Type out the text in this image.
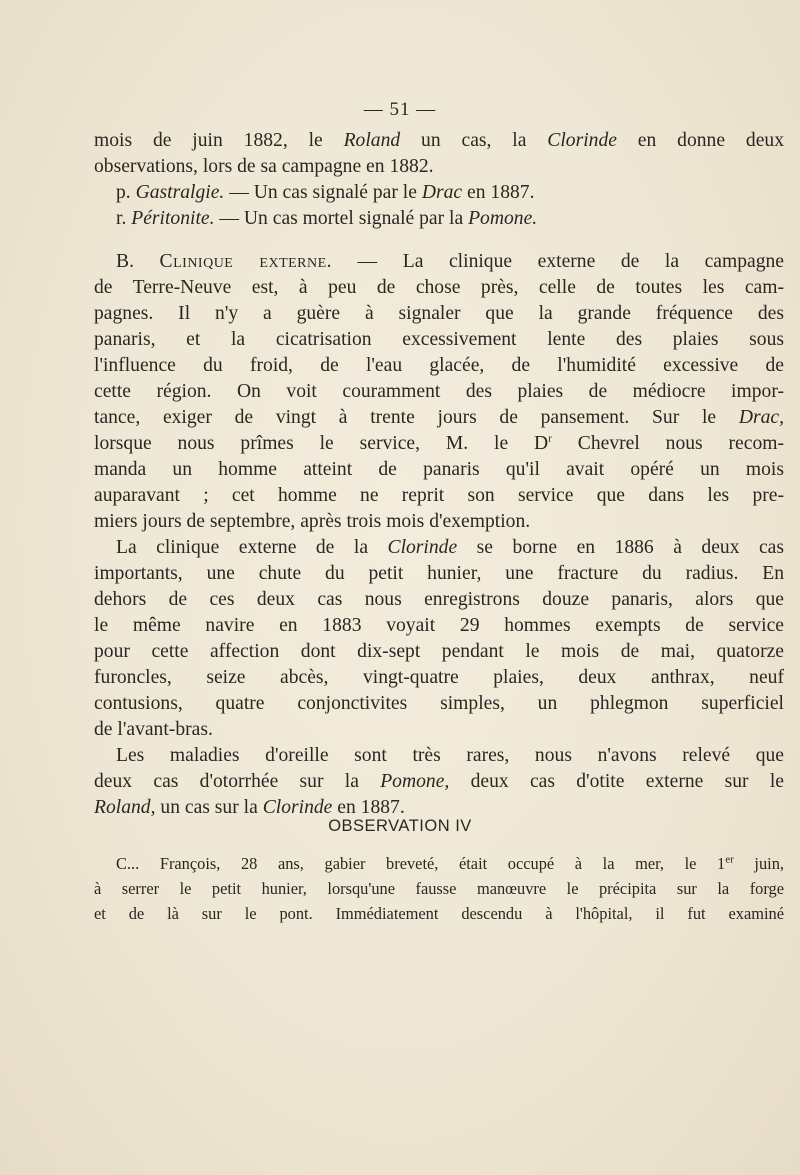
— 51 —
mois de juin 1882, le Roland un cas, la Clorinde en donne deux
observations, lors de sa campagne en 1882.
p. Gastralgie. — Un cas signalé par le Drac en 1887.
r. Péritonite. — Un cas mortel signalé par la Pomone.
B. Clinique externe. — La clinique externe de la campagne
de Terre-Neuve est, à peu de chose près, celle de toutes les cam-
pagnes. Il n'y a guère à signaler que la grande fréquence des
panaris, et la cicatrisation excessivement lente des plaies sous
l'influence du froid, de l'eau glacée, de l'humidité excessive de
cette région. On voit couramment des plaies de médiocre impor-
tance, exiger de vingt à trente jours de pansement. Sur le Drac,
lorsque nous prîmes le service, M. le $D^r$ Chevrel nous recom-
manda un homme atteint de panaris qu'il avait opéré un mois
auparavant ; cet homme ne reprit son service que dans les pre-
miers jours de septembre, après trois mois d'exemption.
La clinique externe de la Clorinde se borne en 1886 à deux cas
importants, une chute du petit hunier, une fracture du radius. En
dehors de ces deux cas nous enregistrons douze panaris, alors que
le même navire en 1883 voyait 29 hommes exempts de service
pour cette affection dont dix-sept pendant le mois de mai, quatorze
furoncles, seize abcès, vingt-quatre plaies, deux anthrax, neuf
contusions, quatre conjonctivites simples, un phlegmon superficiel
de l'avant-bras.
Les maladies d'oreille sont très rares, nous n'avons relevé que
deux cas d'otorrhée sur la Pomone, deux cas d'otite externe sur le
Roland, un cas sur la Clorinde en 1887.
OBSERVATION IV
C... François, 28 ans, gabier breveté, était occupé à la mer, le 1er juin,
à serrer le petit hunier, lorsqu'une fausse manœuvre le précipita sur la forge
et de là sur le pont. Immédiatement descendu à l'hôpital, il fut examiné
